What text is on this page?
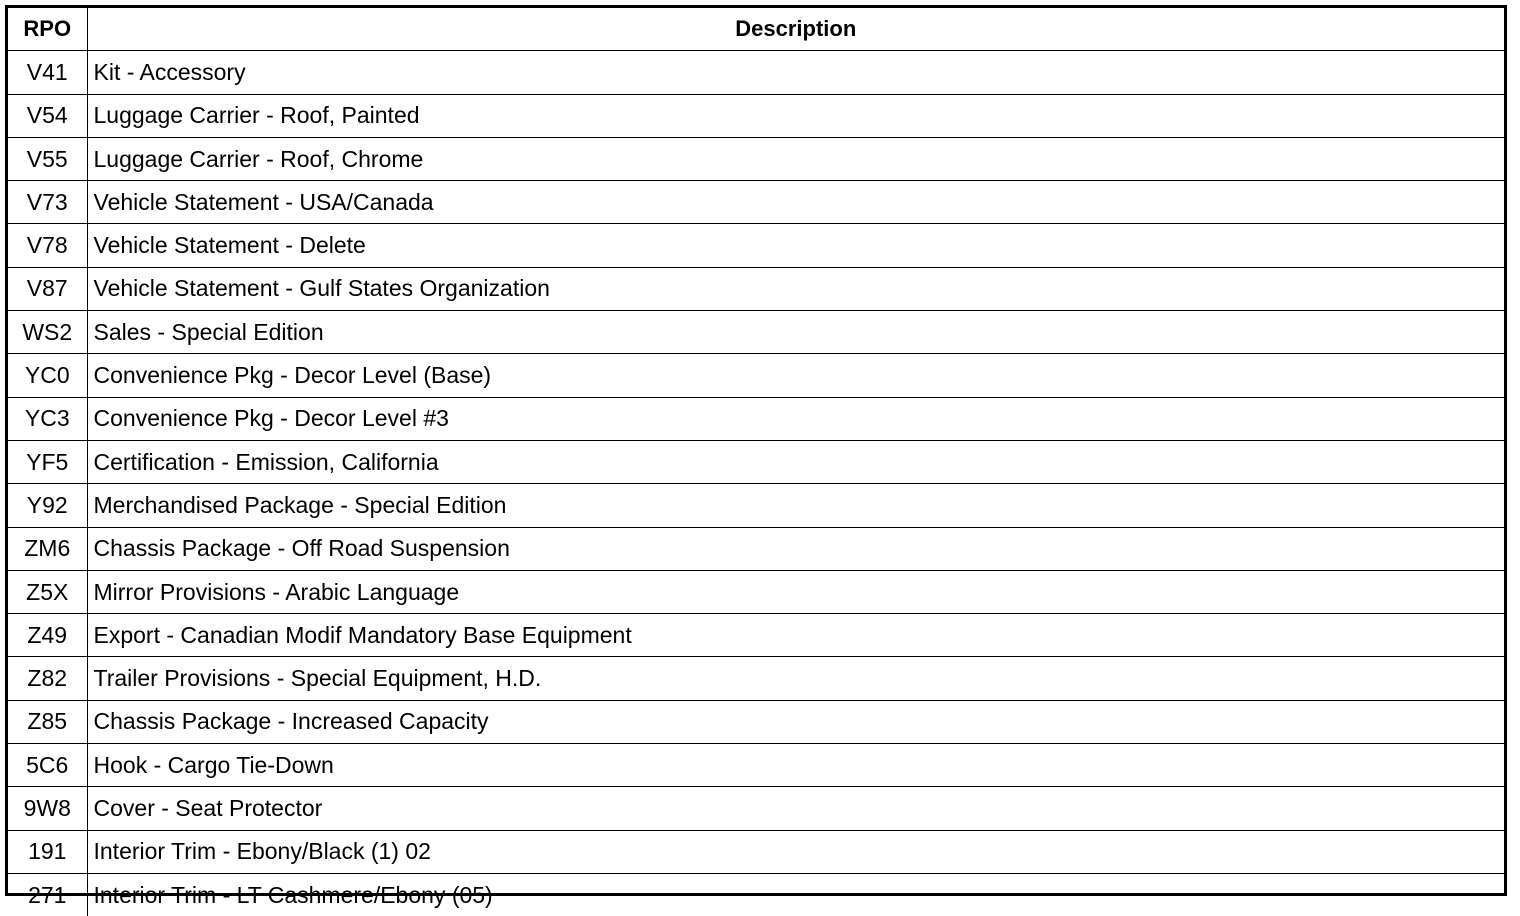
RPO	Description
V41	Kit - Accessory
V54	Luggage Carrier - Roof, Painted
V55	Luggage Carrier - Roof, Chrome
V73	Vehicle Statement - USA/Canada
V78	Vehicle Statement - Delete
V87	Vehicle Statement - Gulf States Organization
WS2	Sales - Special Edition
YC0	Convenience Pkg - Decor Level (Base)
YC3	Convenience Pkg - Decor Level #3
YF5	Certification - Emission, California
Y92	Merchandised Package - Special Edition
ZM6	Chassis Package - Off Road Suspension
Z5X	Mirror Provisions - Arabic Language
Z49	Export - Canadian Modif Mandatory Base Equipment
Z82	Trailer Provisions - Special Equipment, H.D.
Z85	Chassis Package - Increased Capacity
5C6	Hook - Cargo Tie-Down
9W8	Cover - Seat Protector
191	Interior Trim - Ebony/Black (1) 02
271	Interior Trim - LT Cashmere/Ebony (05)
